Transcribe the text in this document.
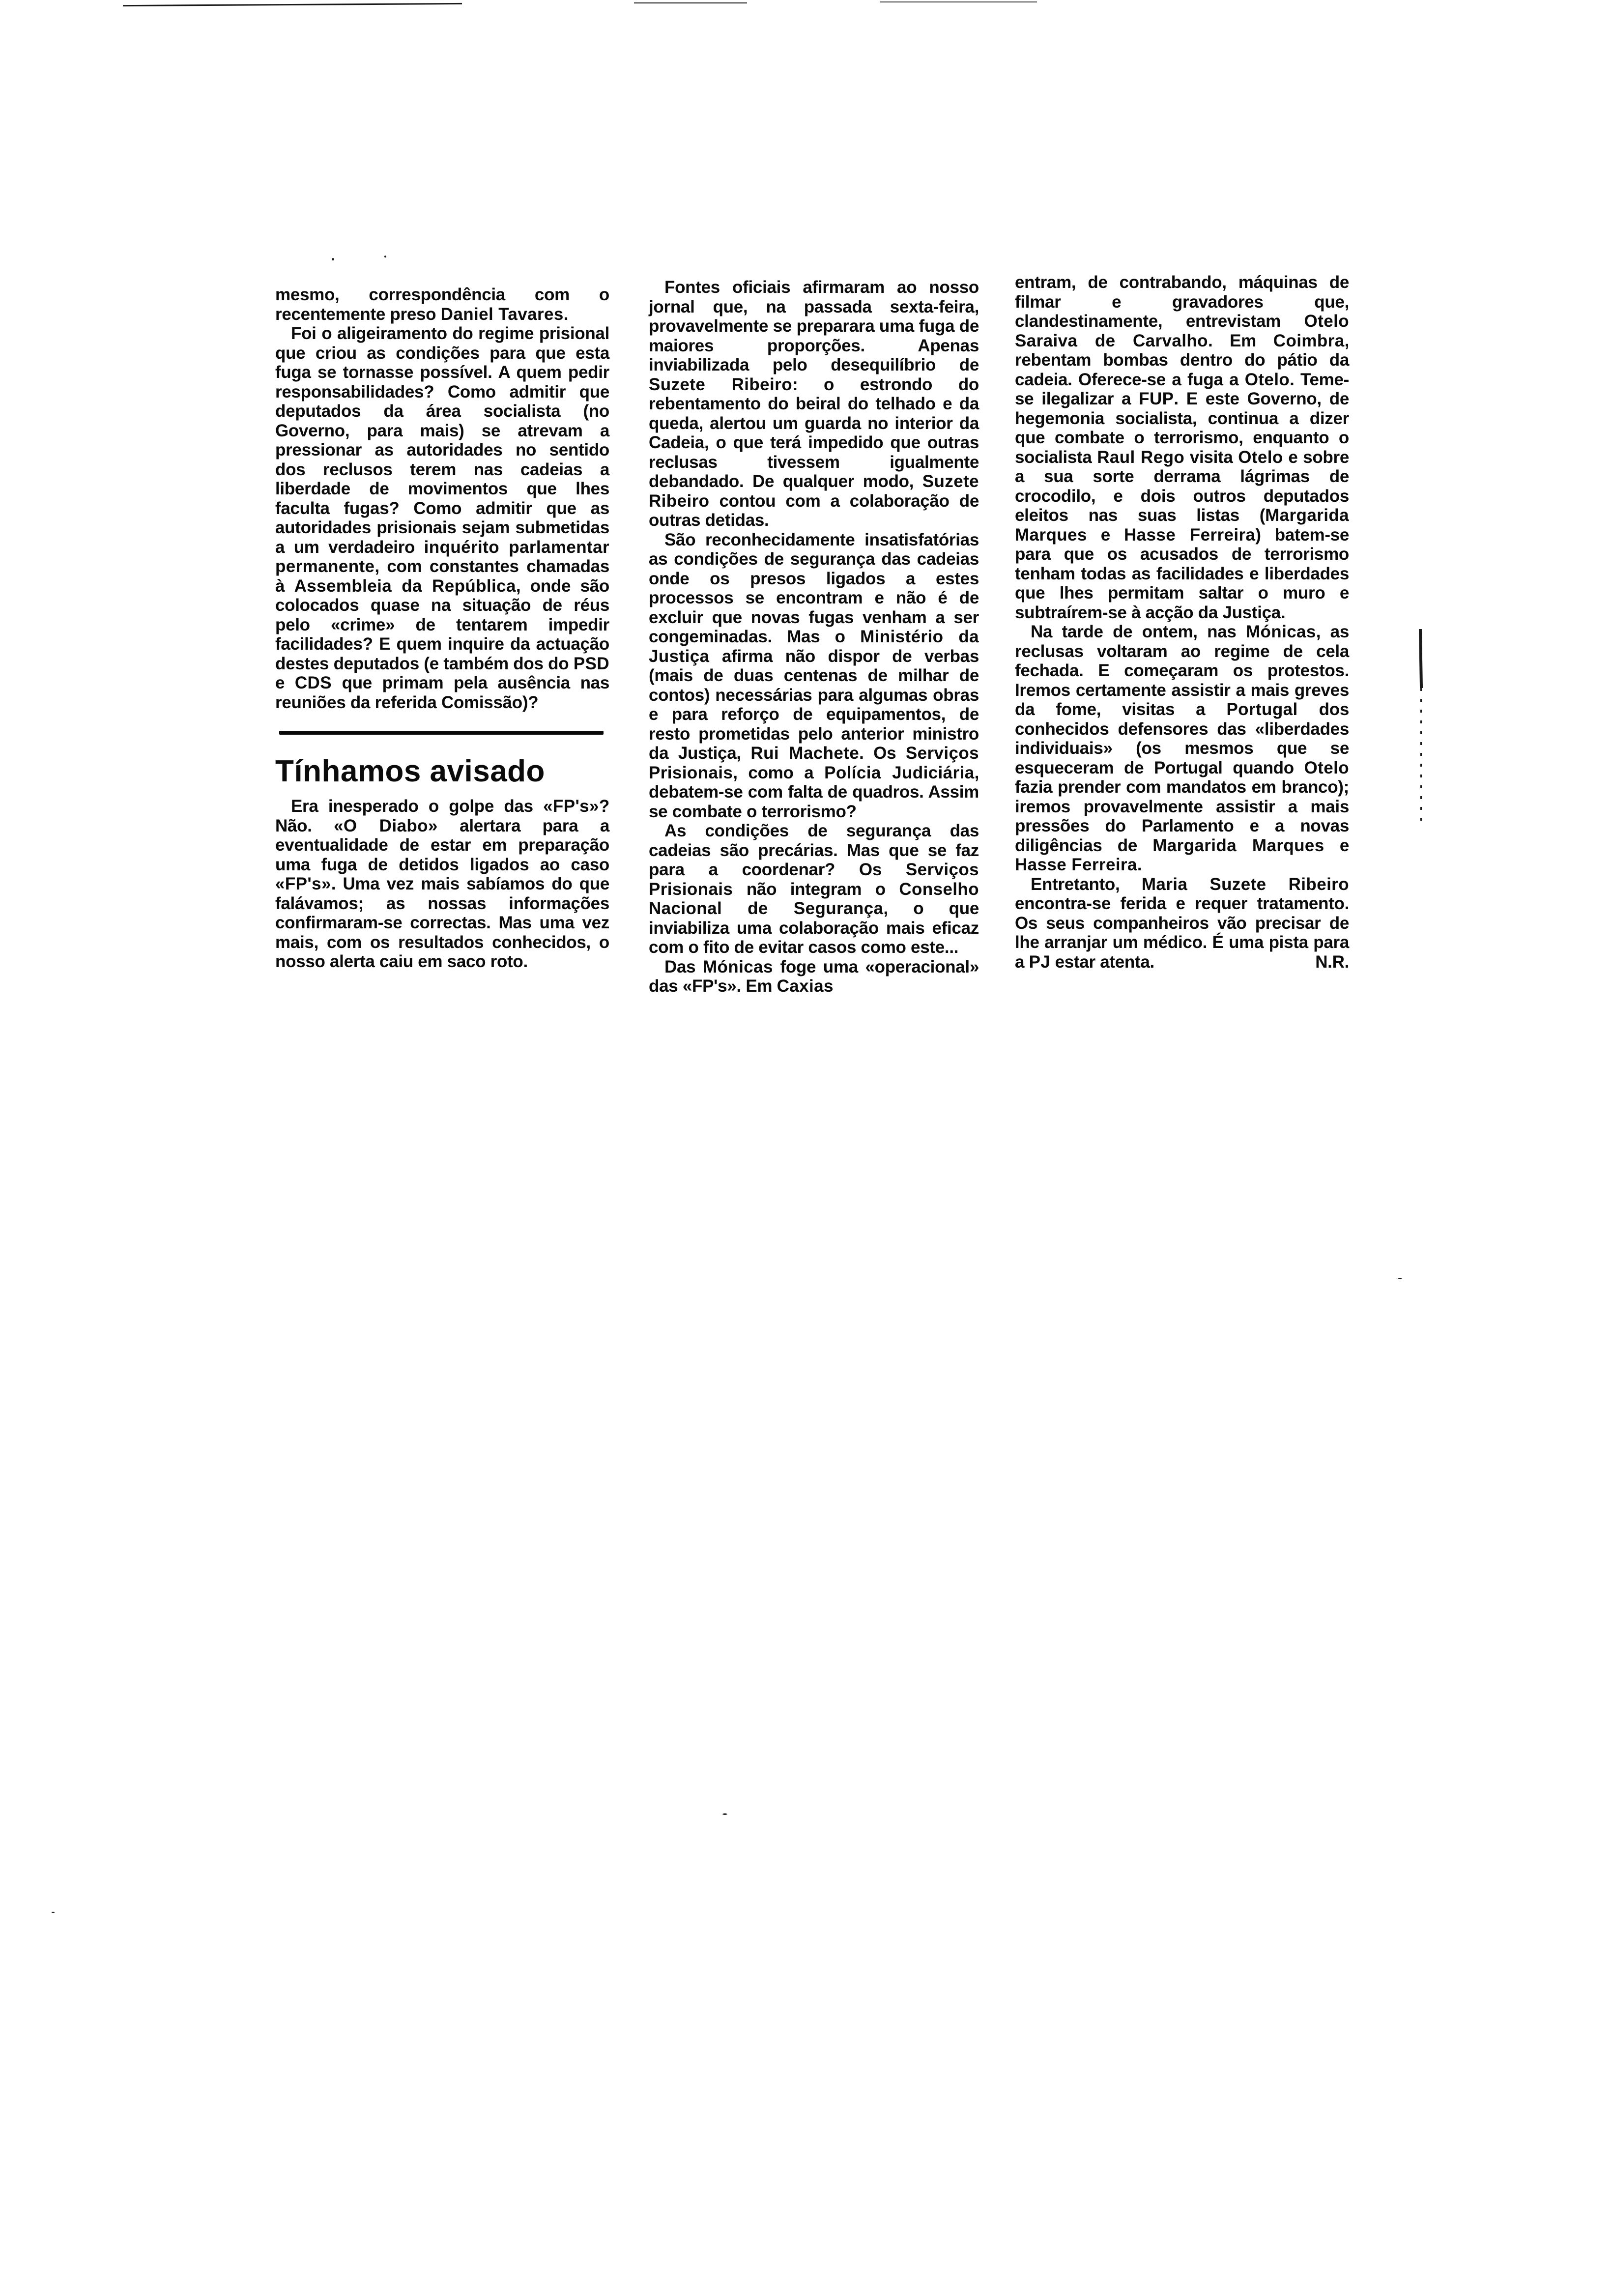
mesmo, correspondência com o recentemente preso Daniel Tavares.

Foi o aligeiramento do regime prisional que criou as condições para que esta fuga se tornasse possível. A quem pedir responsabilidades? Como admitir que deputados da área socialista (no Governo, para mais) se atrevam a pressionar as autoridades no sentido dos reclusos terem nas cadeias a liberdade de movimentos que lhes faculta fugas? Como admitir que as autoridades prisionais sejam submetidas a um verdadeiro inquérito parlamentar permanente, com constantes chamadas à Assembleia da República, onde são colocados quase na situação de réus pelo «crime» de tentarem impedir facilidades? E quem inquire da actuação destes deputados (e também dos do PSD e CDS que primam pela ausência nas reuniões da referida Comissão)?

Tínhamos avisado

Era inesperado o golpe das «FP's»? Não. «O Diabo» alertara para a eventualidade de estar em preparação uma fuga de detidos ligados ao caso «FP's». Uma vez mais sabíamos do que falávamos; as nossas informações confirmaram-se correctas. Mas uma vez mais, com os resultados conhecidos, o nosso alerta caiu em saco roto.

Fontes oficiais afirmaram ao nosso jornal que, na passada sexta-feira, provavelmente se preparara uma fuga de maiores proporções. Apenas inviabilizada pelo desequilíbrio de Suzete Ribeiro: o estrondo do rebentamento do beiral do telhado e da queda, alertou um guarda no interior da Cadeia, o que terá impedido que outras reclusas tivessem igualmente debandado. De qualquer modo, Suzete Ribeiro contou com a colaboração de outras detidas.

São reconhecidamente insatisfatórias as condições de segurança das cadeias onde os presos ligados a estes processos se encontram e não é de excluir que novas fugas venham a ser congeminadas. Mas o Ministério da Justiça afirma não dispor de verbas (mais de duas centenas de milhar de contos) necessárias para algumas obras e para reforço de equipamentos, de resto prometidas pelo anterior ministro da Justiça, Rui Machete. Os Serviços Prisionais, como a Polícia Judiciária, debatem-se com falta de quadros. Assim se combate o terrorismo?

As condições de segurança das cadeias são precárias. Mas que se faz para a coordenar? Os Serviços Prisionais não integram o Conselho Nacional de Segurança, o que inviabiliza uma colaboração mais eficaz com o fito de evitar casos como este...

Das Mónicas foge uma «operacional» das «FP's». Em Caxias

entram, de contrabando, máquinas de filmar e gravadores que, clandestinamente, entrevistam Otelo Saraiva de Carvalho. Em Coimbra, rebentam bombas dentro do pátio da cadeia. Oferece-se a fuga a Otelo. Teme-se ilegalizar a FUP. E este Governo, de hegemonia socialista, continua a dizer que combate o terrorismo, enquanto o socialista Raul Rego visita Otelo e sobre a sua sorte derrama lágrimas de crocodilo, e dois outros deputados eleitos nas suas listas (Margarida Marques e Hasse Ferreira) batem-se para que os acusados de terrorismo tenham todas as facilidades e liberdades que lhes permitam saltar o muro e subtraírem-se à acção da Justiça.

Na tarde de ontem, nas Mónicas, as reclusas voltaram ao regime de cela fechada. E começaram os protestos. Iremos certamente assistir a mais greves da fome, visitas a Portugal dos conhecidos defensores das «liberdades individuais» (os mesmos que se esqueceram de Portugal quando Otelo fazia prender com mandatos em branco); iremos provavelmente assistir a mais pressões do Parlamento e a novas diligências de Margarida Marques e Hasse Ferreira.

Entretanto, Maria Suzete Ribeiro encontra-se ferida e requer tratamento. Os seus companheiros vão precisar de lhe arranjar um médico. É uma pista para a PJ estar atenta.	N.R.
